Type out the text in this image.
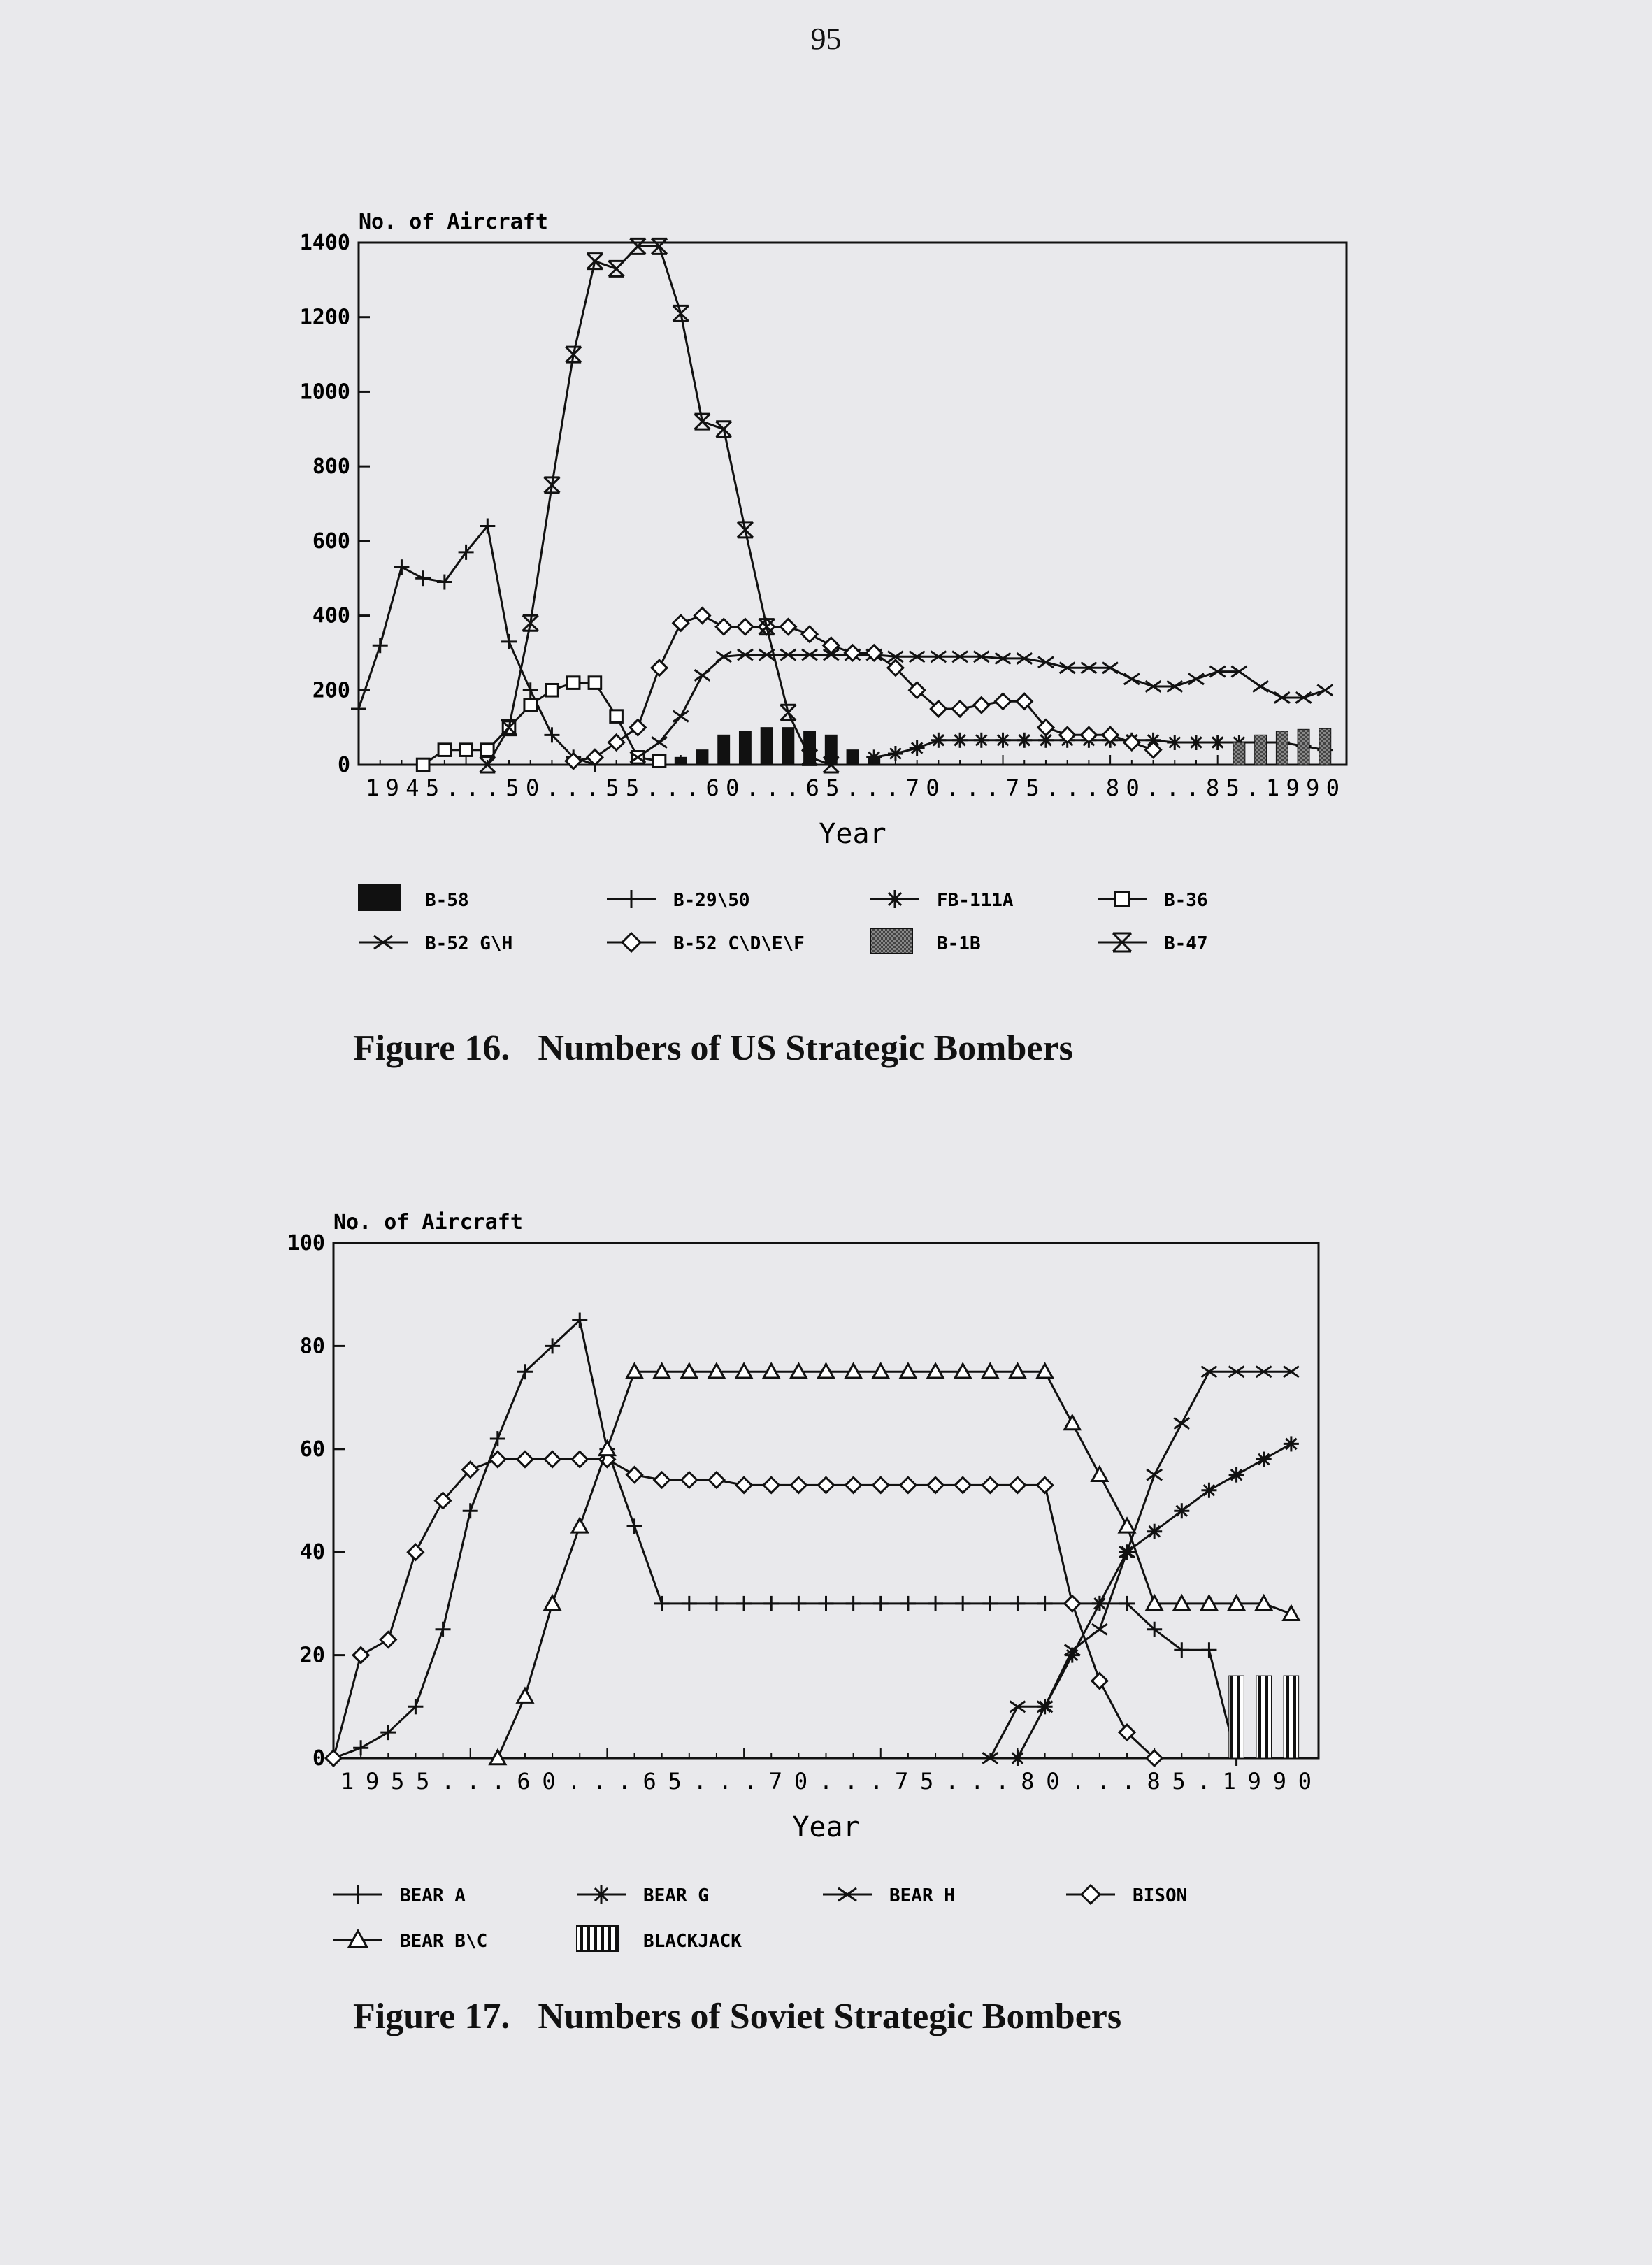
95
No. of Aircraft
0
200
400
600
800
1000
1200
1400
1945...50...55...60...65...70...75...80...85.1990
Year
B-58	B-29\50	FB-111A	B-36
B-52 G\H	B-52 C\D\E\F	B-1B	B-47
No. of Aircraft
0
20
40
60
80
100
1955...60...65...70...75...80...85.1990
Year
BEAR A	BEAR G	BEAR H	BISON
BEAR B\C	BLACKJACK
Figure 16. Numbers of US Strategic Bombers
Figure 17. Numbers of Soviet Strategic Bombers
